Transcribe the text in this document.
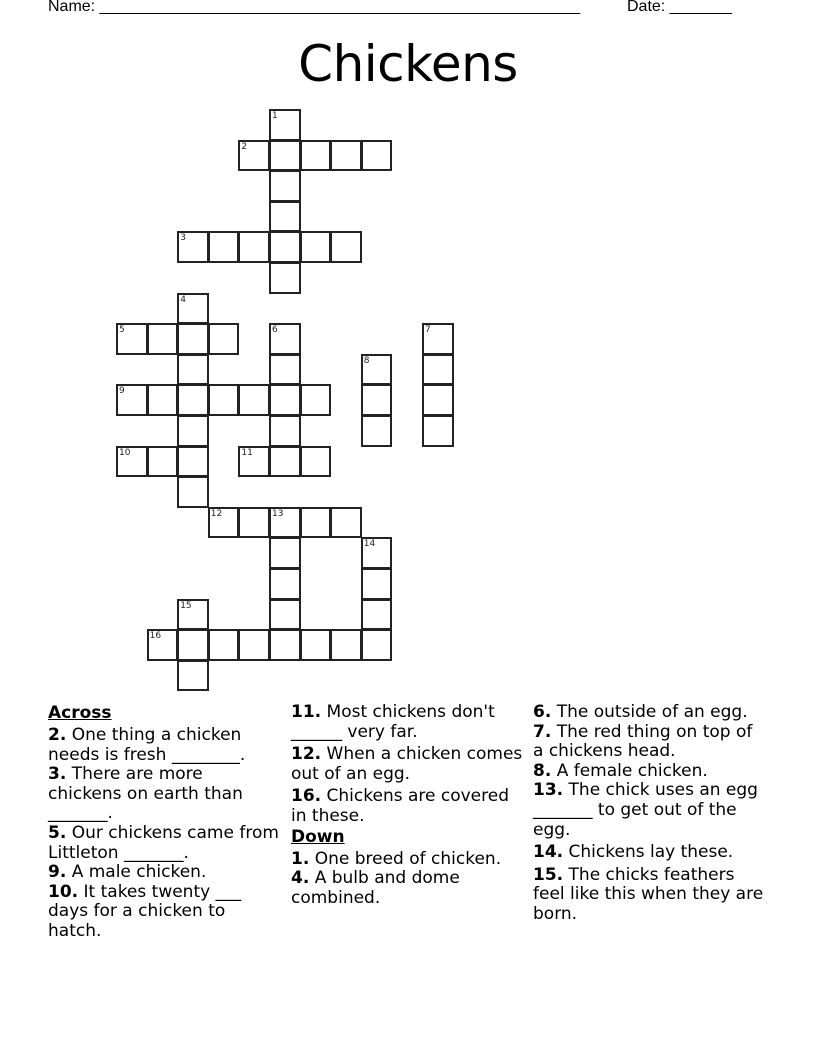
Name: ______________________________________________________	Date: _______
Chickens
1
2
3
4
5	6	7
8
9
10	11
12	13
14
15
16
Across
2. One thing a chicken needs is fresh ________.
3. There are more chickens on earth than _______.
5. Our chickens came from Littleton _______.
9. A male chicken.
10. It takes twenty ___ days for a chicken to hatch.
11. Most chickens don't ______ very far.
12. When a chicken comes out of an egg.
16. Chickens are covered in these.
Down
1. One breed of chicken.
4. A bulb and dome combined.
6. The outside of an egg.
7. The red thing on top of a chickens head.
8. A female chicken.
13. The chick uses an egg _______ to get out of the egg.
14. Chickens lay these.
15. The chicks feathers feel like this when they are born.
